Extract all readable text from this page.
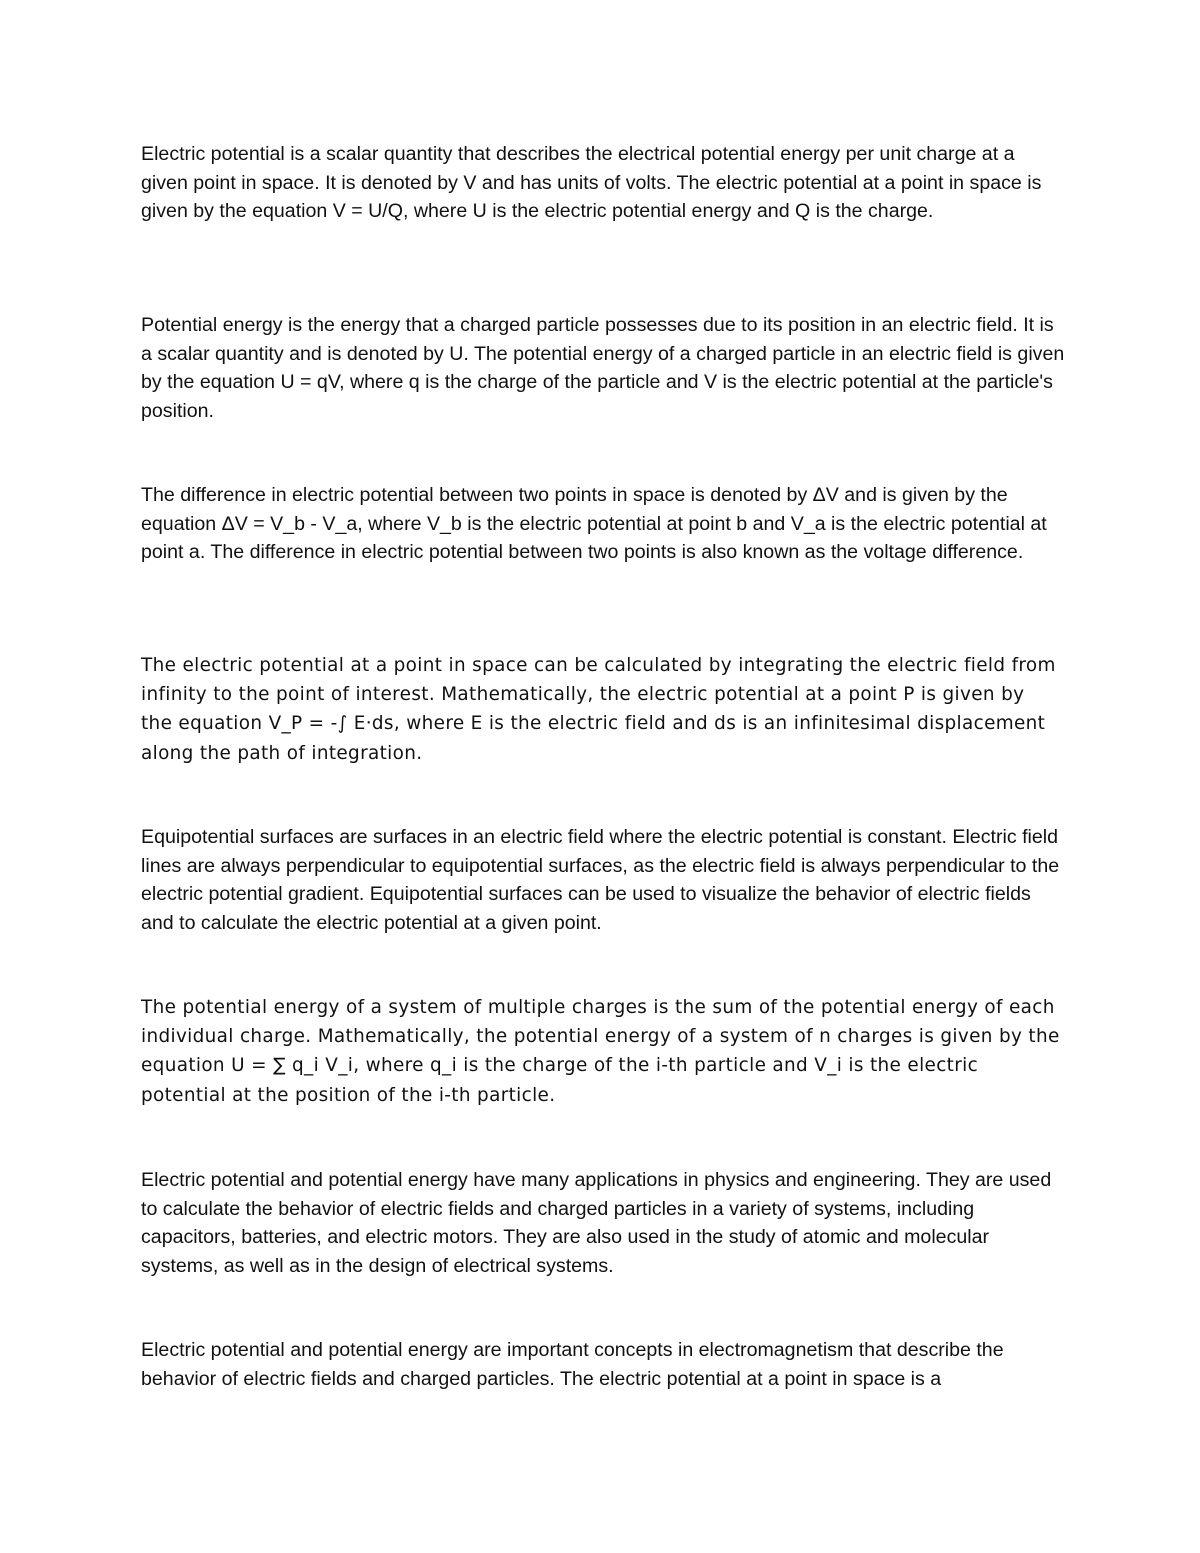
Electric potential is a scalar quantity that describes the electrical potential energy per unit charge at a given point in space. It is denoted by V and has units of volts. The electric potential at a point in space is given by the equation V = U/Q, where U is the electric potential energy and Q is the charge.

Potential energy is the energy that a charged particle possesses due to its position in an electric field. It is a scalar quantity and is denoted by U. The potential energy of a charged particle in an electric field is given by the equation U = qV, where q is the charge of the particle and V is the electric potential at the particle's position.

The difference in electric potential between two points in space is denoted by ΔV and is given by the equation ΔV = V_b - V_a, where V_b is the electric potential at point b and V_a is the electric potential at point a. The difference in electric potential between two points is also known as the voltage difference.

The electric potential at a point in space can be calculated by integrating the electric field from infinity to the point of interest. Mathematically, the electric potential at a point P is given by the equation V_P = -∫ E·ds, where E is the electric field and ds is an infinitesimal displacement along the path of integration.

Equipotential surfaces are surfaces in an electric field where the electric potential is constant. Electric field lines are always perpendicular to equipotential surfaces, as the electric field is always perpendicular to the electric potential gradient. Equipotential surfaces can be used to visualize the behavior of electric fields and to calculate the electric potential at a given point.

The potential energy of a system of multiple charges is the sum of the potential energy of each individual charge. Mathematically, the potential energy of a system of n charges is given by the equation U = ∑ q_i V_i, where q_i is the charge of the i-th particle and V_i is the electric potential at the position of the i-th particle.

Electric potential and potential energy have many applications in physics and engineering. They are used to calculate the behavior of electric fields and charged particles in a variety of systems, including capacitors, batteries, and electric motors. They are also used in the study of atomic and molecular systems, as well as in the design of electrical systems.

Electric potential and potential energy are important concepts in electromagnetism that describe the behavior of electric fields and charged particles. The electric potential at a point in space is a
